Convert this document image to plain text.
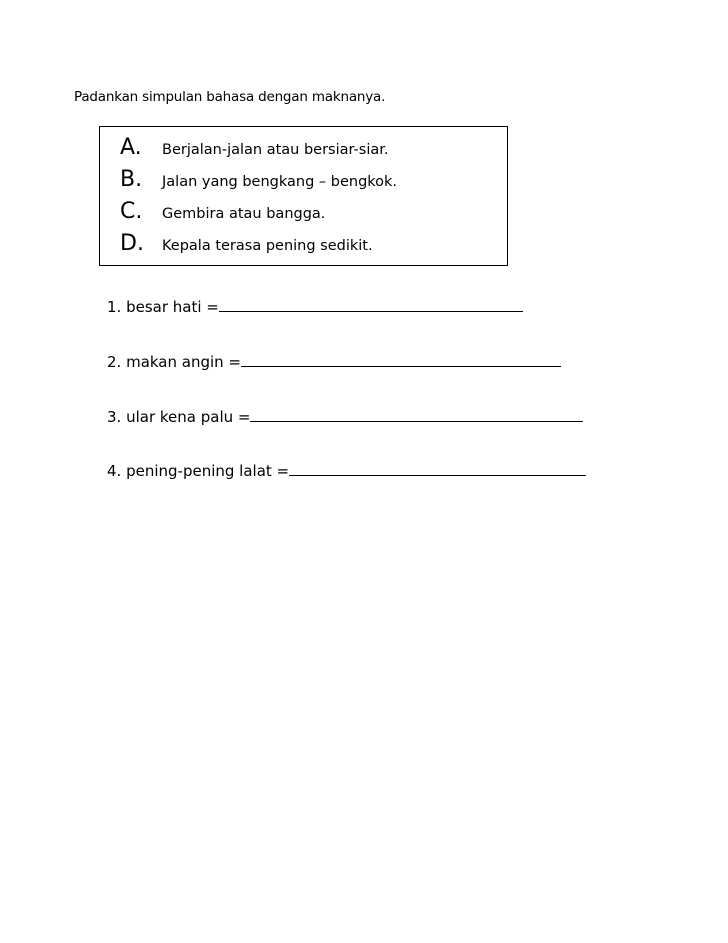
Padankan simpulan bahasa dengan maknanya.
A.	Berjalan-jalan atau bersiar-siar.
B.	Jalan yang bengkang – bengkok.
C.	Gembira atau bangga.
D.	Kepala terasa pening sedikit.
1. besar hati =
2. makan angin =
3. ular kena palu =
4. pening-pening lalat =
